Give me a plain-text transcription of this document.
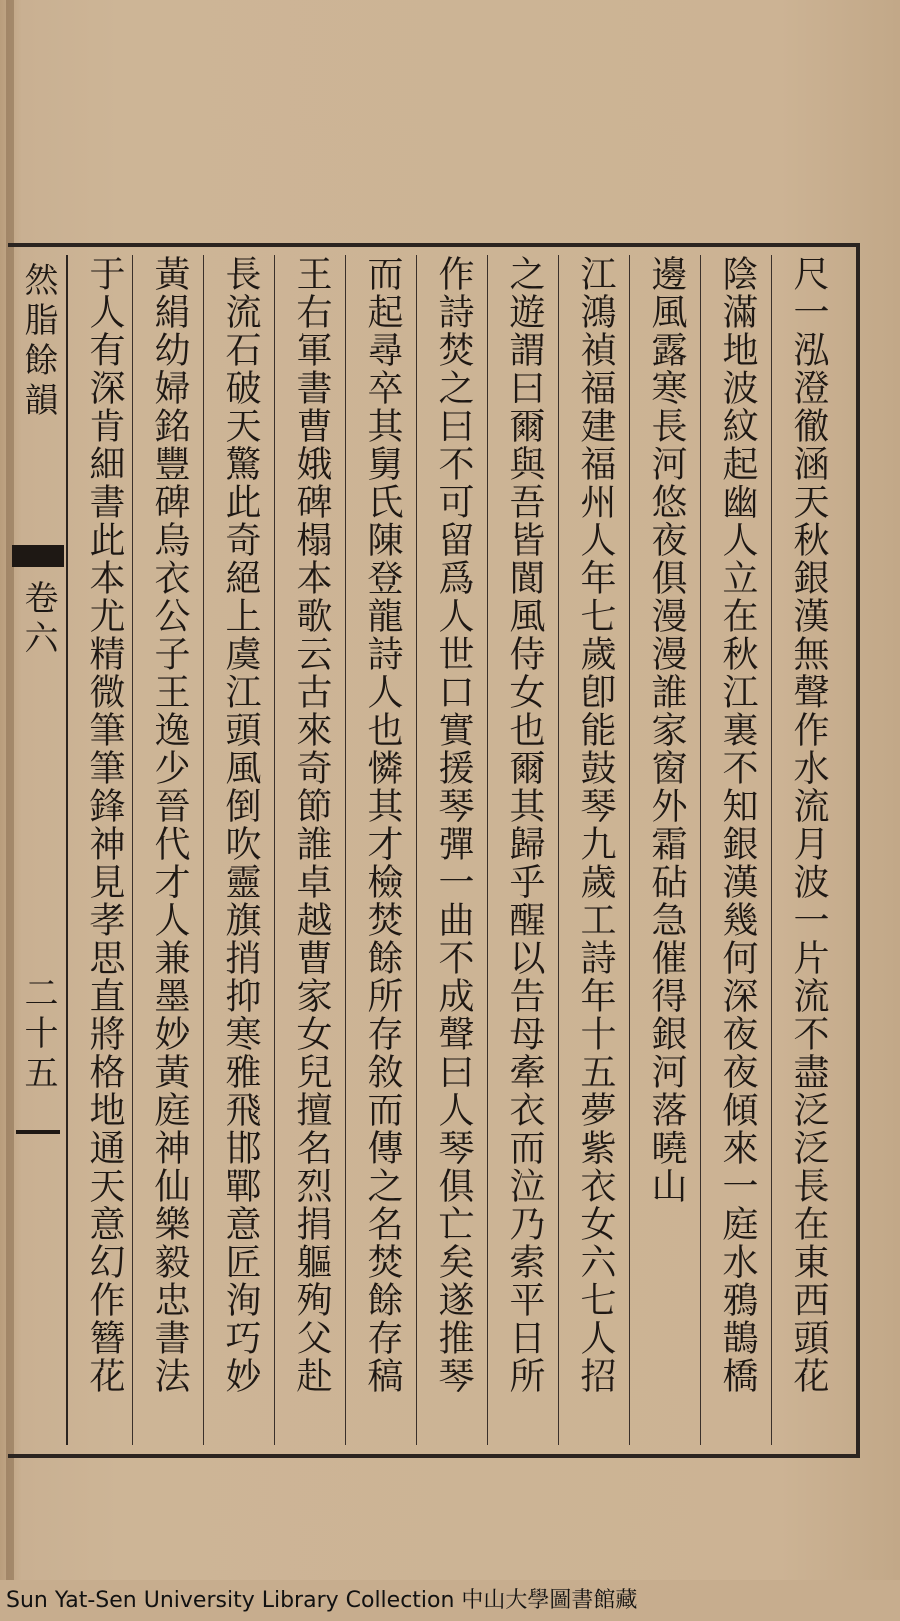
然脂餘韻
卷六
二十五	尺一泓澄徹涵天秋銀漢無聲作水流月波一片流不盡泛泛長在東西頭花
陰滿地波紋起幽人立在秋江裏不知銀漢幾何深夜夜傾來一庭水鴉鵲橋
邊風露寒長河悠夜俱漫漫誰家窗外霜砧急催得銀河落曉山
江鴻禎福建福州人年七歲卽能鼓琴九歲工詩年十五夢紫衣女六七人招
之遊謂曰爾與吾皆閬風侍女也爾其歸乎醒以告母牽衣而泣乃索平日所
作詩焚之曰不可留爲人世口實援琴彈一曲不成聲曰人琴俱亡矣遂推琴
而起尋卒其舅氏陳登龍詩人也憐其才檢焚餘所存敘而傳之名焚餘存稿
王右軍書曹娥碑榻本歌云古來奇節誰卓越曹家女兒擅名烈捐軀殉父赴
長流石破天驚此奇絕上虞江頭風倒吹靈旗捎抑寒雅飛邯鄲意匠洵巧妙
黃絹幼婦銘豐碑烏衣公子王逸少晉代才人兼墨妙黃庭神仙樂毅忠書法
于人有深肯細書此本尤精微筆筆鋒神見孝思直將格地通天意幻作簪花
Sun Yat-Sen University Library Collection 中山大學圖書館藏
